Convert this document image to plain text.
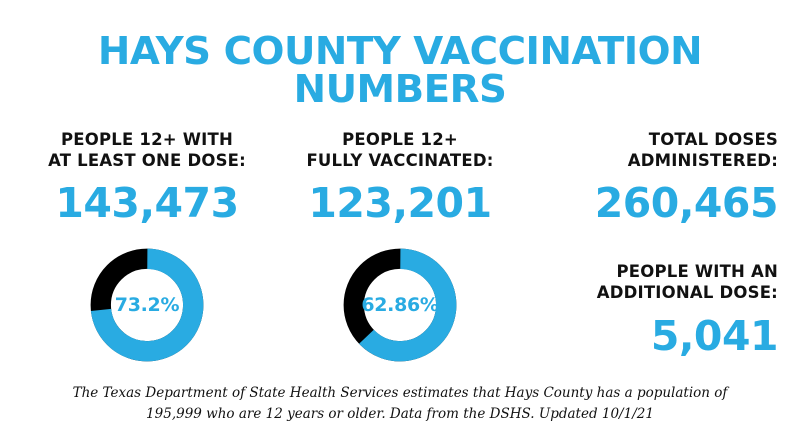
HAYS COUNTY VACCINATION NUMBERS
PEOPLE 12+ WITH
AT LEAST ONE DOSE:
143,473
73.2%
PEOPLE 12+
FULLY VACCINATED:
123,201
62.86%
TOTAL DOSES
ADMINISTERED:
260,465
PEOPLE WITH AN
ADDITIONAL DOSE:
5,041
The Texas Department of State Health Services estimates that Hays County has a population of
195,999 who are 12 years or older. Data from the DSHS. Updated 10/1/21
